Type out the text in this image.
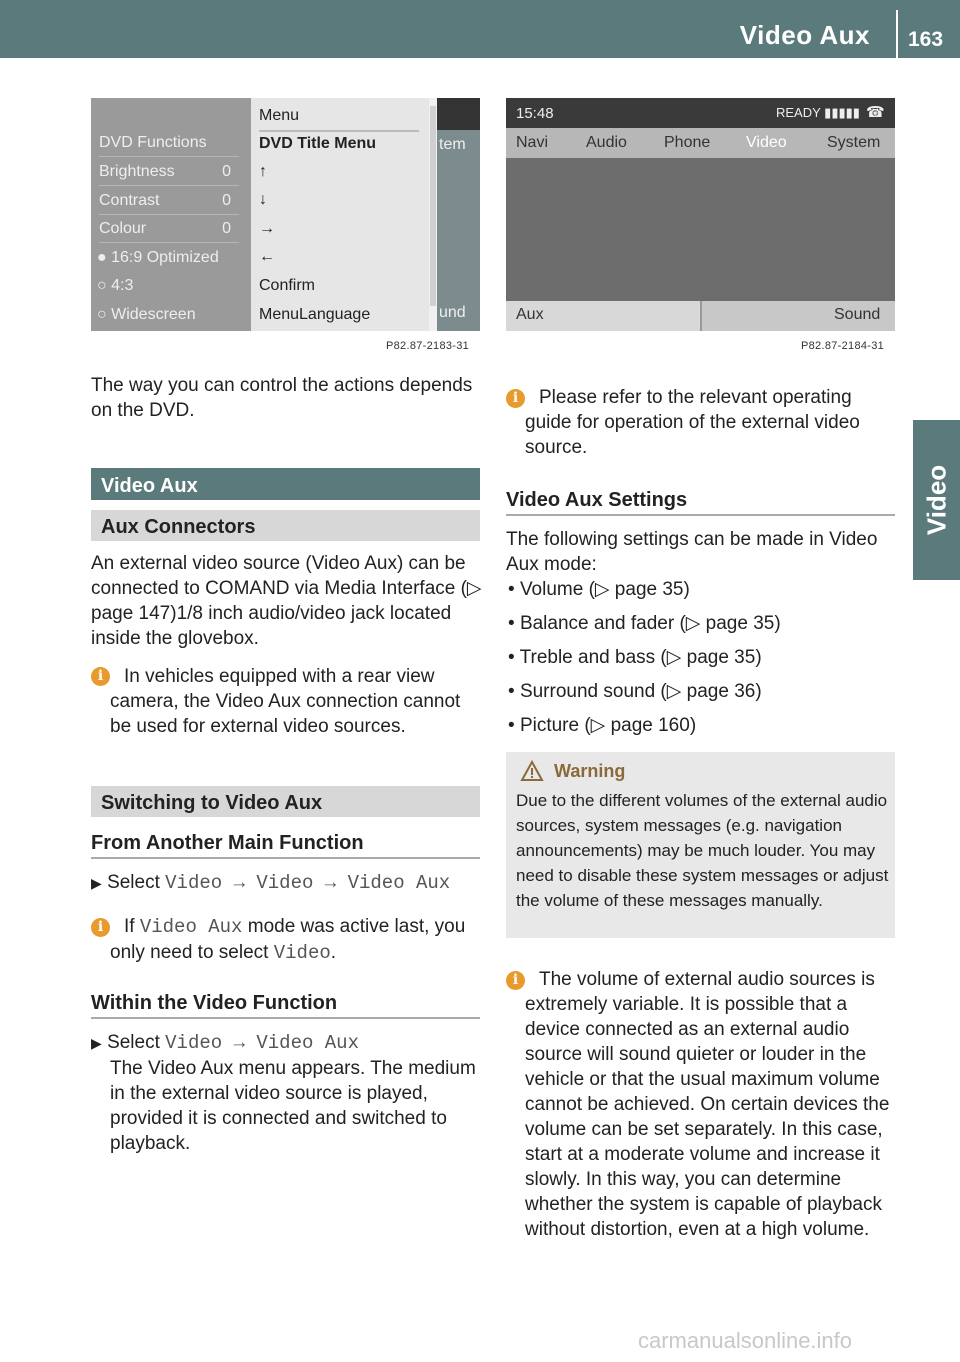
Video Aux 163
Video
DVD Functions
Brightness	0
Contrast	0
Colour	0
● 16:9 Optimized
○ 4:3
○ Widescreen
Menu
DVD Title Menu
↑
↓
→
←
Confirm
MenuLanguage
tem
und
P82.87-2183-31
15:48	READY ▮▮▮▮▮ ☎
Navi Audio Phone Video	System
Aux	Sound
P82.87-2184-31
The way you can control the actions depends on the DVD.
Video Aux
Aux Connectors
An external video source (Video Aux) can be connected to COMAND via Media Interface (▷ page 147)1/8 inch audio/video jack located inside the glovebox.
i	In vehicles equipped with a rear view camera, the Video Aux connection cannot be used for external video sources.
Switching to Video Aux
From Another Main Function
▶ Select Video → Video → Video Aux
i	If Video Aux mode was active last, you only need to select Video.
Within the Video Function
▶ Select Video → Video Aux
The Video Aux menu appears. The medium in the external video source is played, provided it is connected and switched to playback.
i	Please refer to the relevant operating guide for operation of the external video source.
Video Aux Settings
The following settings can be made in Video Aux mode:
• Volume (▷ page 35)
• Balance and fader (▷ page 35)
• Treble and bass (▷ page 35)
• Surround sound (▷ page 36)
• Picture (▷ page 160)
Warning
Due to the different volumes of the external audio sources, system messages (e.g. navigation announcements) may be much louder. You may need to disable these system messages or adjust the volume of these messages manually.
i	The volume of external audio sources is extremely variable. It is possible that a device connected as an external audio source will sound quieter or louder in the vehicle or that the usual maximum volume cannot be achieved. On certain devices the volume can be set separately. In this case, start at a moderate volume and increase it slowly. In this way, you can determine whether the system is capable of playback without distortion, even at a high volume.
carmanualsonline.info
